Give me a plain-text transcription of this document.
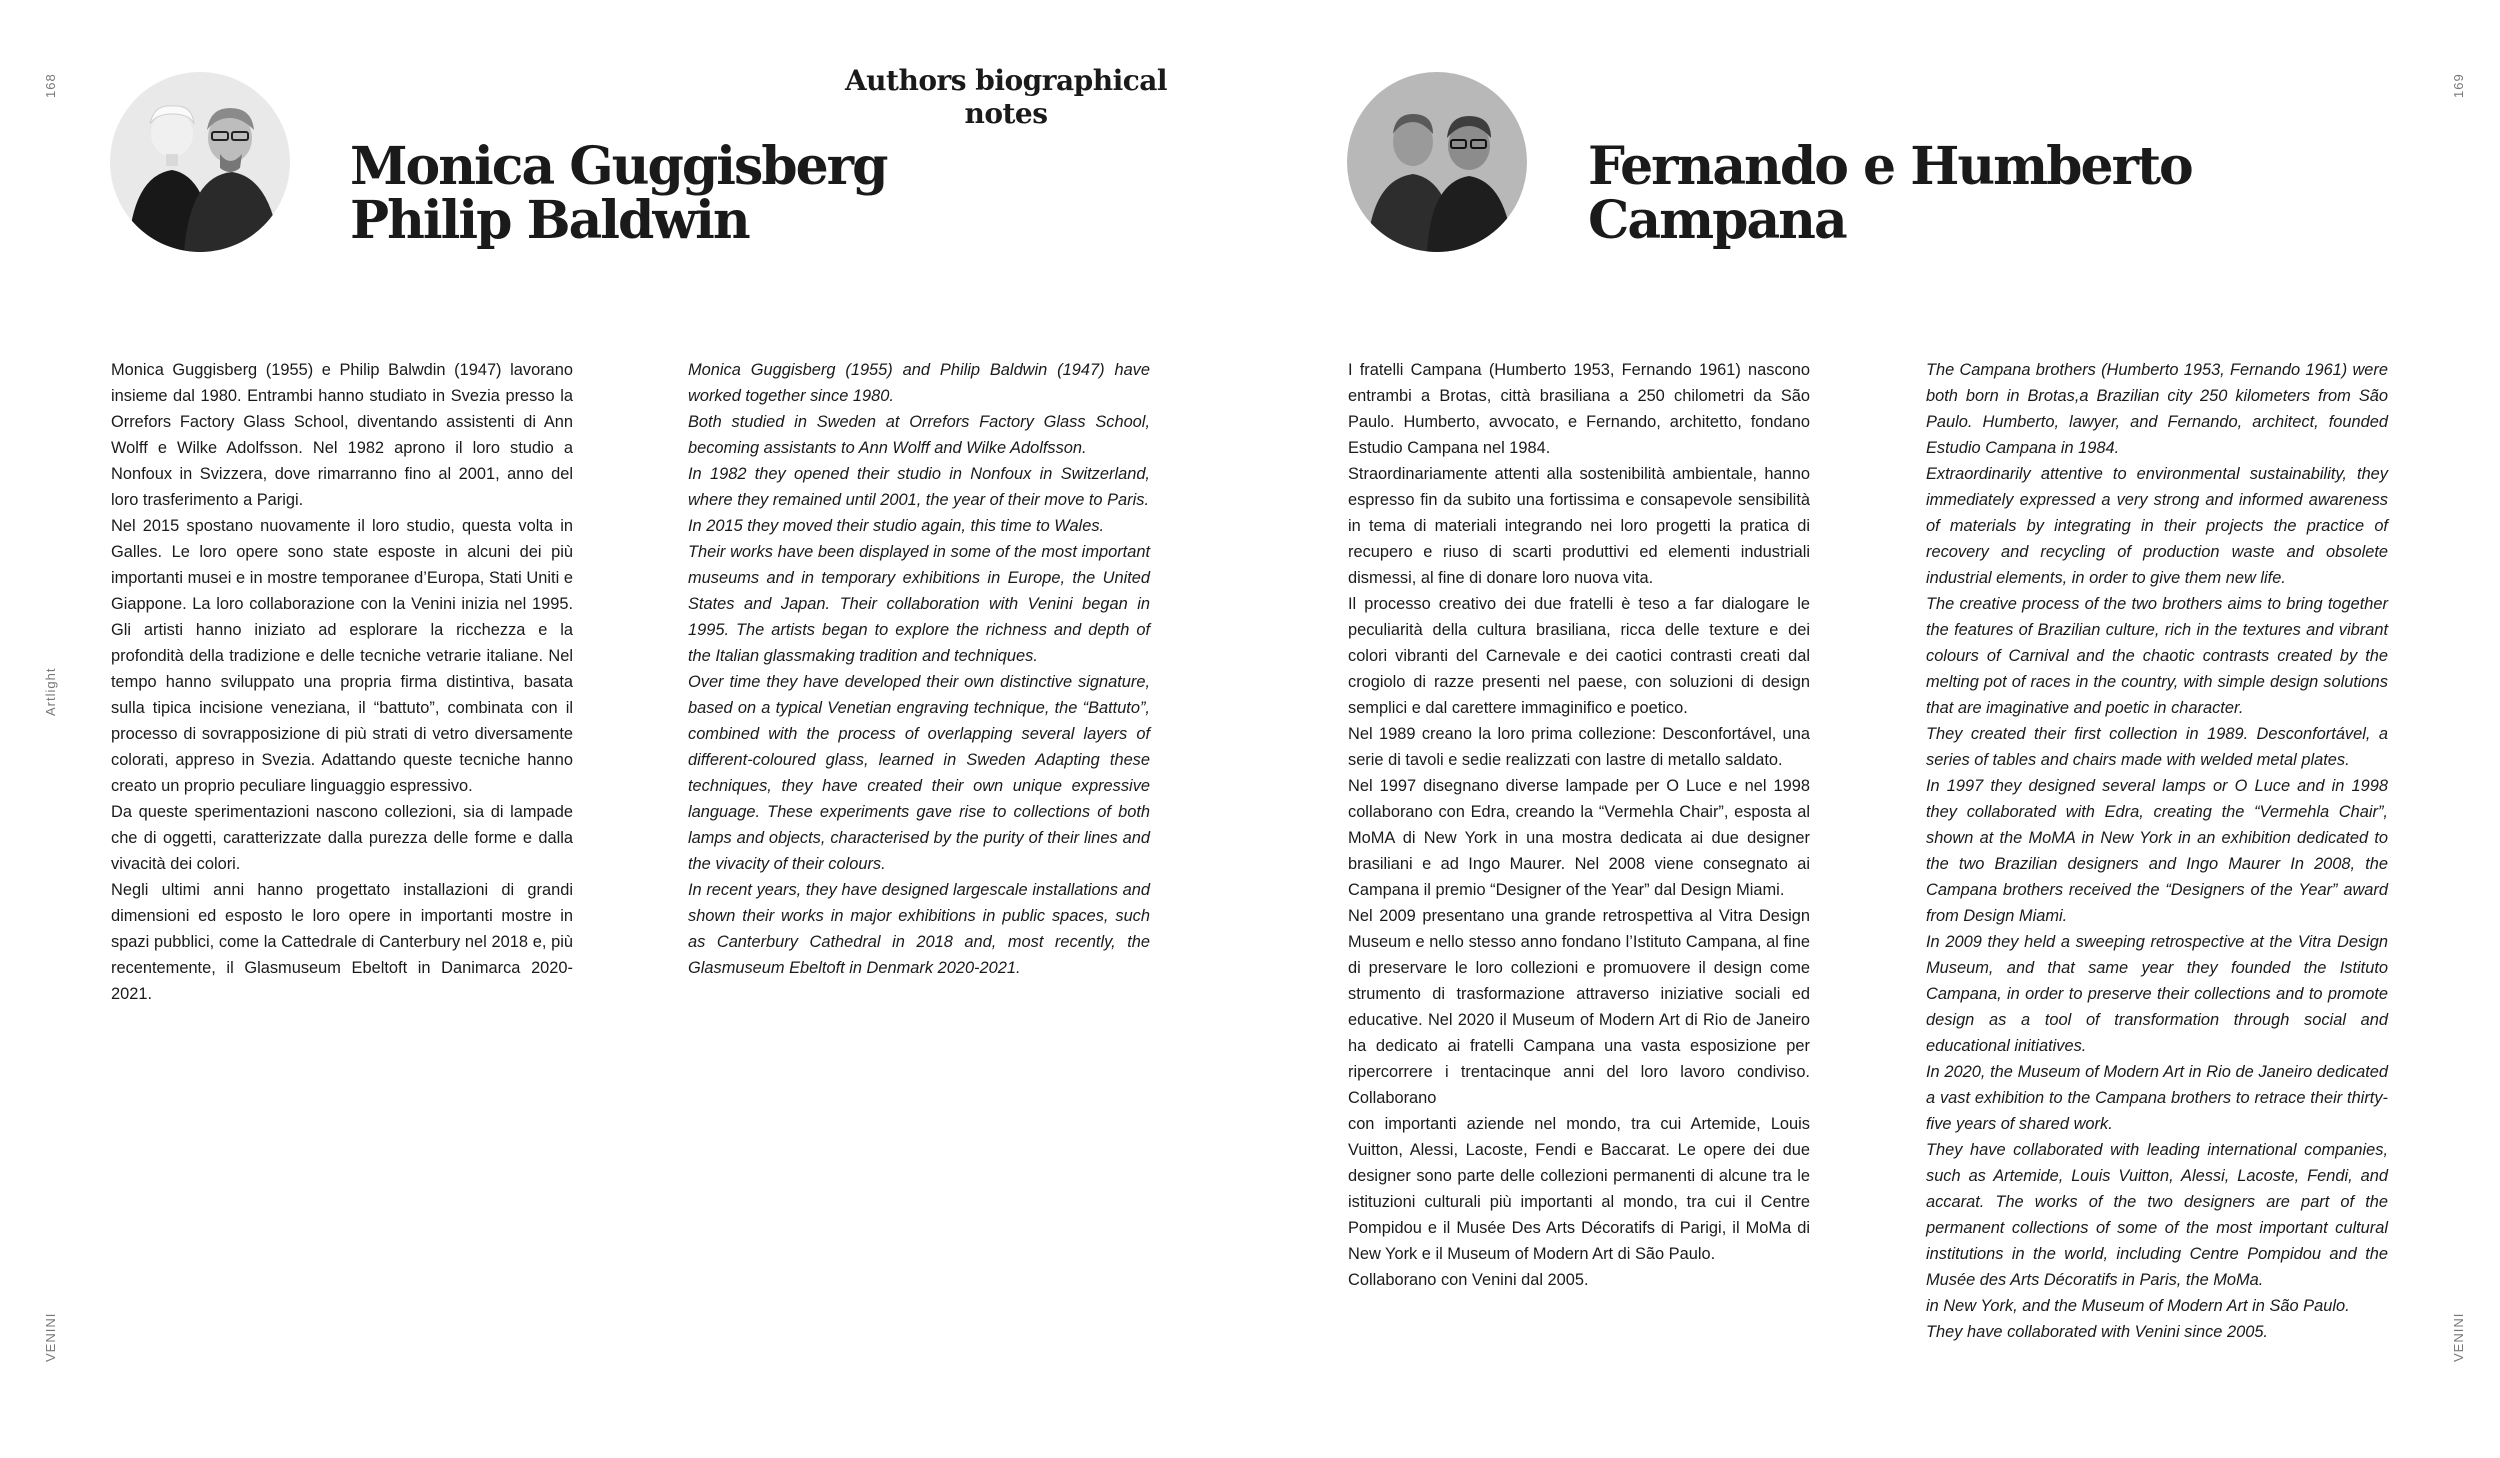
168
Artlight
VENINI
169
VENINI
Authors biographical notes
Monica Guggisberg
Philip Baldwin
Fernando e Humberto
Campana

Monica Guggisberg (1955) e Philip Balwdin (1947) lavorano insieme dal 1980. Entrambi hanno studiato in Svezia presso la Orrefors Factory Glass School, diventando assistenti di Ann Wolff e Wilke Adolfsson. Nel 1982 aprono il loro studio a Nonfoux in Svizzera, dove rimarranno fino al 2001, anno del loro trasferimento a Parigi.

Nel 2015 spostano nuovamente il loro studio, questa volta in Galles. Le loro opere sono state esposte in alcuni dei più importanti musei e in mostre temporanee d’Europa, Stati Uniti e Giappone. La loro collaborazione con la Venini inizia nel 1995. Gli artisti hanno iniziato ad esplorare la ricchezza e la profondità della tradizione e delle tecniche vetrarie italiane. Nel tempo hanno sviluppato una propria firma distintiva, basata sulla tipica incisione veneziana, il “battuto”, combinata con il processo di sovrapposizione di più strati di vetro diversamente colorati, appreso in Svezia. Adattando queste tecniche hanno creato un proprio peculiare linguaggio espressivo.

Da queste sperimentazioni nascono collezioni, sia di lampade che di oggetti, caratterizzate dalla purezza delle forme e dalla vivacità dei colori.

Negli ultimi anni hanno progettato installazioni di grandi dimensioni ed esposto le loro opere in importanti mostre in spazi pubblici, come la Cattedrale di Canterbury nel 2018 e, più recentemente, il Glasmuseum Ebeltoft in Danimarca 2020-2021.

Monica Guggisberg (1955) and Philip Baldwin (1947) have worked together since 1980.

Both studied in Sweden at Orrefors Factory Glass School, becoming assistants to Ann Wolff and Wilke Adolfsson.

In 1982 they opened their studio in Nonfoux in Switzerland, where they remained until 2001, the year of their move to Paris.

In 2015 they moved their studio again, this time to Wales.

Their works have been displayed in some of the most important museums and in temporary exhibitions in Europe, the United States and Japan. Their collaboration with Venini began in 1995. The artists began to explore the richness and depth of the Italian glassmaking tradition and techniques.

Over time they have developed their own distinctive signature, based on a typical Venetian engraving technique, the “Battuto”, combined with the process of overlapping several layers of different-coloured glass, learned in Sweden Adapting these techniques, they have created their own unique expressive language. These experiments gave rise to collections of both lamps and objects, characterised by the purity of their lines and the vivacity of their colours.

In recent years, they have designed largescale installations and shown their works in major exhibitions in public spaces, such as Canterbury Cathedral in 2018 and, most recently, the Glasmuseum Ebeltoft in Denmark 2020-2021.

I fratelli Campana (Humberto 1953, Fernando 1961) nascono entrambi a Brotas, città brasiliana a 250 chilometri da São Paulo. Humberto, avvocato, e Fernando, architetto, fondano Estudio Campana nel 1984.

Straordinariamente attenti alla sostenibilità ambientale, hanno espresso fin da subito una fortissima e consapevole sensibilità in tema di materiali integrando nei loro progetti la pratica di recupero e riuso di scarti produttivi ed elementi industriali dismessi, al fine di donare loro nuova vita.

Il processo creativo dei due fratelli è teso a far dialogare le peculiarità della cultura brasiliana, ricca delle texture e dei colori vibranti del Carnevale e dei caotici contrasti creati dal crogiolo di razze presenti nel paese, con soluzioni di design semplici e dal carettere immaginifico e poetico.

Nel 1989 creano la loro prima collezione: Desconfortável, una serie di tavoli e sedie realizzati con lastre di metallo saldato.

Nel 1997 disegnano diverse lampade per O Luce e nel 1998 collaborano con Edra, creando la “Vermehla Chair”, esposta al MoMA di New York in una mostra dedicata ai due designer brasiliani e ad Ingo Maurer. Nel 2008 viene consegnato ai Campana il premio “Designer of the Year” dal Design Miami.

Nel 2009 presentano una grande retrospettiva al Vitra Design Museum e nello stesso anno fondano l’Istituto Campana, al fine di preservare le loro collezioni e promuovere il design come strumento di trasformazione attraverso iniziative sociali ed educative. Nel 2020 il Museum of Modern Art di Rio de Janeiro ha dedicato ai fratelli Campana una vasta esposizione per ripercorrere i trentacinque anni del loro lavoro condiviso. Collaborano

con importanti aziende nel mondo, tra cui Artemide, Louis Vuitton, Alessi, Lacoste, Fendi e Baccarat. Le opere dei due designer sono parte delle collezioni permanenti di alcune tra le istituzioni culturali più importanti al mondo, tra cui il Centre Pompidou e il Musée Des Arts Décoratifs di Parigi, il MoMa di New York e il Museum of Modern Art di São Paulo.

Collaborano con Venini dal 2005.

The Campana brothers (Humberto 1953, Fernando 1961) were both born in Brotas,a Brazilian city 250 kilometers from São Paulo. Humberto, lawyer, and Fernando, architect, founded Estudio Campana in 1984.

Extraordinarily attentive to environmental sustainability, they immediately expressed a very strong and informed awareness of materials by integrating in their projects the practice of recovery and recycling of production waste and obsolete industrial elements, in order to give them new life.

The creative process of the two brothers aims to bring together the features of Brazilian culture, rich in the textures and vibrant colours of Carnival and the chaotic contrasts created by the melting pot of races in the country, with simple design solutions that are imaginative and poetic in character.

They created their first collection in 1989. Desconfortável, a series of tables and chairs made with welded metal plates.

In 1997 they designed several lamps or O Luce and in 1998 they collaborated with Edra, creating the “Vermehla Chair”, shown at the MoMA in New York in an exhibition dedicated to the two Brazilian designers and Ingo Maurer In 2008, the Campana brothers received the “Designers of the Year” award from Design Miami.

In 2009 they held a sweeping retrospective at the Vitra Design Museum, and that same year they founded the Istituto Campana, in order to preserve their collections and to promote design as a tool of transformation through social and educational initiatives.

In 2020, the Museum of Modern Art in Rio de Janeiro dedicated a vast exhibition to the Campana brothers to retrace their thirty-five years of shared work.

They have collaborated with leading international companies, such as Artemide, Louis Vuitton, Alessi, Lacoste, Fendi, and accarat. The works of the two designers are part of the permanent collections of some of the most important cultural institutions in the world, including Centre Pompidou and the Musée des Arts Décoratifs in Paris, the MoMa.

in New York, and the Museum of Modern Art in São Paulo.

They have collaborated with Venini since 2005.
